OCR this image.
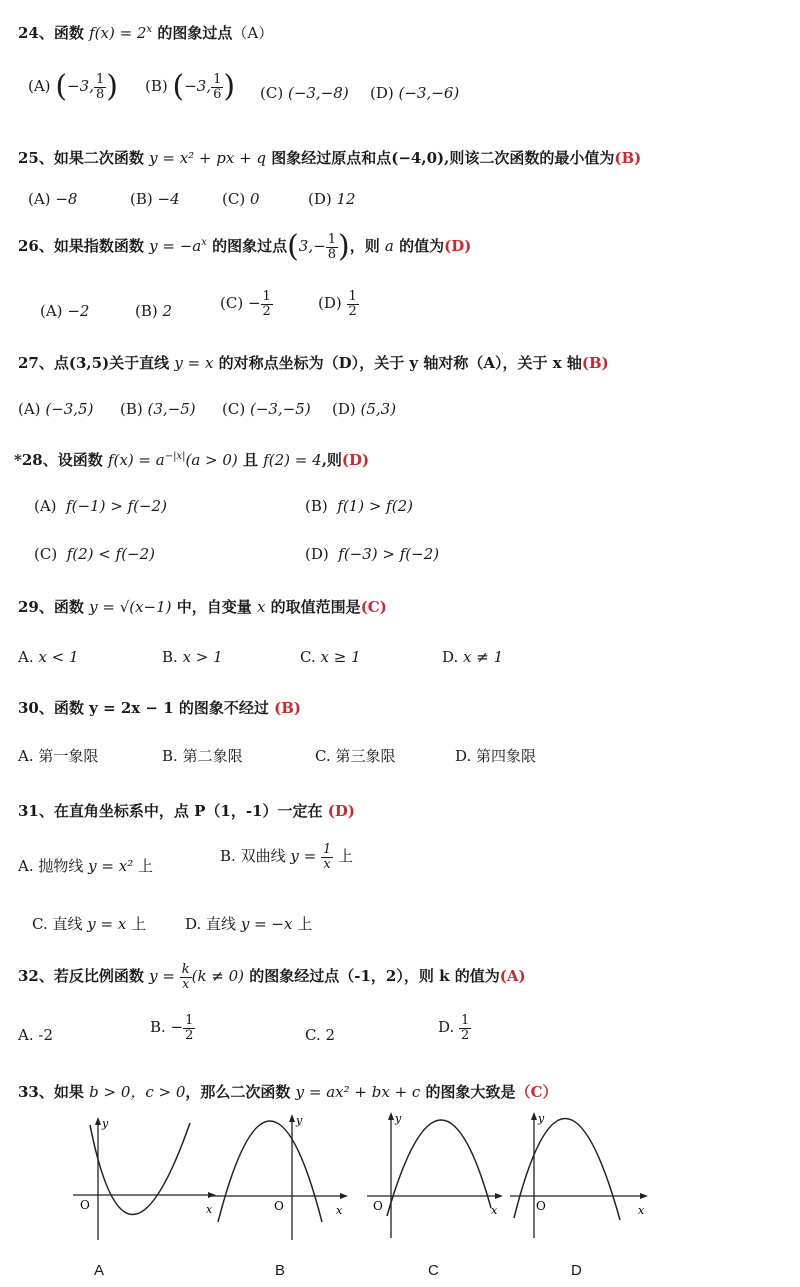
24、函数 $f(x) = 2^x$ 的图象过点（A）
(A) (−3, $\frac{1}{8}$ ) (B) (−3, $\frac{1}{6}$ ) (C) (−3,−8) (D) (−3,−6)
25、如果二次函数 y = x² + px + q 图象经过原点和点(−4,0),则该二次函数的最小值为(B)
(A) −8	(B) −4	(C) 0	(D) 12
26、如果指数函数 $y = -a^x$ 的图象过点($3,- \frac{1}{8}$ )，则 a 的值为(D)
(A) −2	(B) 2	$(C) - \frac{1}{2}$	$(D) \frac{1}{2}$
27、点(3,5)关于直线 y = x 的对称点坐标为（D），关于 y 轴对称（A），关于 x 轴(B)
(A) (−3,5) (B) (3,−5) (C) (−3,−5) (D) (5,3)
*28、设函数 $f(x) = a^{-|x|}(a > 0)$ 且 f(2) = 4,则(D)
(A) f(−1) > f(−2)	(B) f(1) > f(2)
(C) f(2) < f(−2)	(D) f(−3) > f(−2)
29、函数 y = √(x−1) 中，自变量 x 的取值范围是(C)
A. x < 1	B. x > 1	C. x ≥ 1	D. x ≠ 1
30、函数 y = 2x − 1 的图象不经过 (B)
A. 第一象限	B. 第二象限	C. 第三象限	D. 第四象限
31、在直角坐标系中，点 P（1，-1）一定在 (D)
A. 抛物线 y = x² 上
B. 双曲线 $y = \frac{1}{x}$ 上
C. 直线 y = x 上	D. 直线 y = −x 上
32、若反比例函数 $y = \frac{k}{x} (k \ne 0)$ 的图象经过点（-1，2），则 k 的值为(A)
A. -2	B. − $\frac{1}{2}$	C. 2	D. $\frac{1}{2}$
33、如果 b > 0，c > 0，那么二次函数 y = ax² + bx + c 的图象大致是（C）
y
x
O
y
x
O
y
x
O
y
x
O
A	B	C	D
